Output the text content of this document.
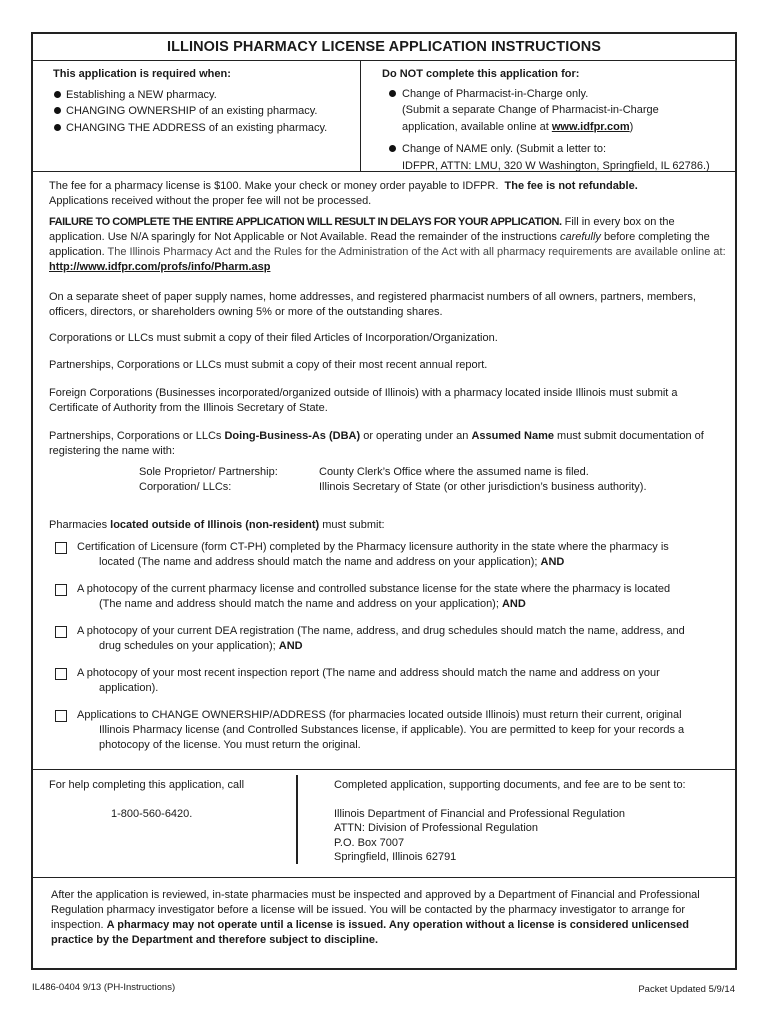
ILLINOIS PHARMACY LICENSE APPLICATION INSTRUCTIONS
This application is required when:
Establishing a NEW pharmacy.
CHANGING OWNERSHIP of an existing pharmacy.
CHANGING THE ADDRESS of an existing pharmacy.
Do NOT complete this application for:
Change of Pharmacist-in-Charge only.
(Submit a separate Change of Pharmacist-in-Charge
application, available online at www.idfpr.com)
Change of NAME only. (Submit a letter to:
IDFPR, ATTN: LMU, 320 W Washington, Springfield, IL 62786.)
The fee for a pharmacy license is $100. Make your check or money order payable to IDFPR. The fee is not refundable.
Applications received without the proper fee will not be processed.
FAILURE TO COMPLETE THE ENTIRE APPLICATION WILL RESULT IN DELAYS FOR YOUR APPLICATION. Fill in every box on the application. Use N/A sparingly for Not Applicable or Not Available. Read the remainder of the instructions carefully before completing the application. The Illinois Pharmacy Act and the Rules for the Administration of the Act with all pharmacy requirements are available online at: http://www.idfpr.com/profs/info/Pharm.asp
On a separate sheet of paper supply names, home addresses, and registered pharmacist numbers of all owners, partners, members, officers, directors, or shareholders owning 5% or more of the outstanding shares.
Corporations or LLCs must submit a copy of their filed Articles of Incorporation/Organization.
Partnerships, Corporations or LLCs must submit a copy of their most recent annual report.
Foreign Corporations (Businesses incorporated/organized outside of Illinois) with a pharmacy located inside Illinois must submit a Certificate of Authority from the Illinois Secretary of State.
Partnerships, Corporations or LLCs Doing-Business-As (DBA) or operating under an Assumed Name must submit documentation of registering the name with:
Sole Proprietor/ Partnership:	County Clerk’s Office where the assumed name is filed.
Corporation/ LLCs:	Illinois Secretary of State (or other jurisdiction’s business authority).
Pharmacies located outside of Illinois (non-resident) must submit:
Certification of Licensure (form CT-PH) completed by the Pharmacy licensure authority in the state where the pharmacy is
located (The name and address should match the name and address on your application); AND
A photocopy of the current pharmacy license and controlled substance license for the state where the pharmacy is located
(The name and address should match the name and address on your application); AND
A photocopy of your current DEA registration (The name, address, and drug schedules should match the name, address, and
drug schedules on your application); AND
A photocopy of your most recent inspection report (The name and address should match the name and address on your
application).
Applications to CHANGE OWNERSHIP/ADDRESS (for pharmacies located outside Illinois) must return their current, original
Illinois Pharmacy license (and Controlled Substances license, if applicable). You are permitted to keep for your records a
photocopy of the license. You must return the original.
For help completing this application, call
1-800-560-6420.
Completed application, supporting documents, and fee are to be sent to:
Illinois Department of Financial and Professional Regulation
ATTN: Division of Professional Regulation
P.O. Box 7007
Springfield, Illinois 62791
After the application is reviewed, in-state pharmacies must be inspected and approved by a Department of Financial and Professional Regulation pharmacy investigator before a license will be issued. You will be contacted by the pharmacy investigator to arrange for inspection. A pharmacy may not operate until a license is issued. Any operation without a license is considered unlicensed practice by the Department and therefore subject to discipline.
IL486-0404 9/13 (PH-Instructions)	Packet Updated 5/9/14
